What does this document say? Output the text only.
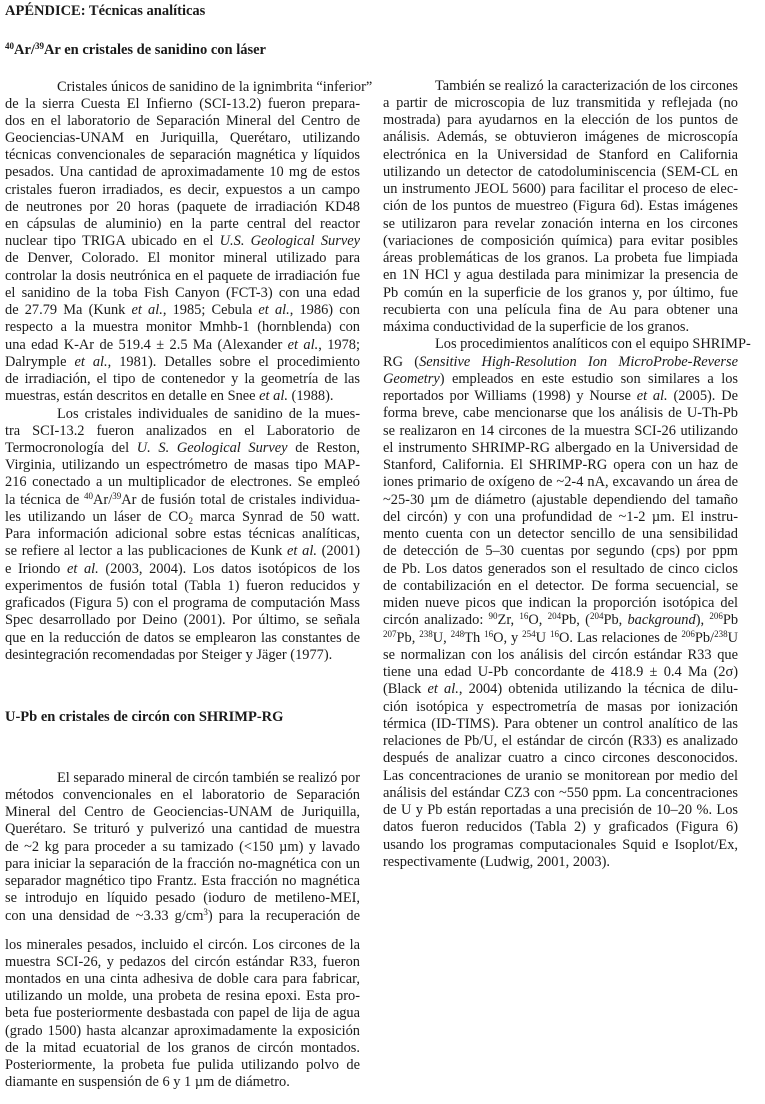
APÉNDICE: Técnicas analíticas
$^{40}$Ar/$^{39}$Ar en cristales de sanidino con láser
Cristales únicos de sanidino de la ignimbrita “inferior”
de la sierra Cuesta El Infierno (SCI-13.2) fueron prepara-
dos en el laboratorio de Separación Mineral del Centro de
Geociencias-UNAM en Juriquilla, Querétaro, utilizando
técnicas convencionales de separación magnética y líquidos
pesados. Una cantidad de aproximadamente 10 mg de estos
cristales fueron irradiados, es decir, expuestos a un campo
de neutrones por 20 horas (paquete de irradiación KD48
en cápsulas de aluminio) en la parte central del reactor
nuclear tipo TRIGA ubicado en el U.S. Geological Survey
de Denver, Colorado. El monitor mineral utilizado para
controlar la dosis neutrónica en el paquete de irradiación fue
el sanidino de la toba Fish Canyon (FCT-3) con una edad
de 27.79 Ma (Kunk et al., 1985; Cebula et al., 1986) con
respecto a la muestra monitor Mmhb-1 (hornblenda) con
una edad K-Ar de 519.4 ± 2.5 Ma (Alexander et al., 1978;
Dalrymple et al., 1981). Detalles sobre el procedimiento
de irradiación, el tipo de contenedor y la geometría de las
muestras, están descritos en detalle en Snee et al. (1988).
Los cristales individuales de sanidino de la mues-
tra SCI-13.2 fueron analizados en el Laboratorio de
Termocronología del U. S. Geological Survey de Reston,
Virginia, utilizando un espectrómetro de masas tipo MAP-
216 conectado a un multiplicador de electrones. Se empleó
la técnica de $^{40}$Ar/$^{39}$Ar de fusión total de cristales individua-
les utilizando un láser de $CO_2$ marca Synrad de 50 watt.
Para información adicional sobre estas técnicas analíticas,
se refiere al lector a las publicaciones de Kunk et al. (2001)
e Iriondo et al. (2003, 2004). Los datos isotópicos de los
experimentos de fusión total (Tabla 1) fueron reducidos y
graficados (Figura 5) con el programa de computación Mass
Spec desarrollado por Deino (2001). Por último, se señala
que en la reducción de datos se emplearon las constantes de
desintegración recomendadas por Steiger y Jäger (1977).
U-Pb en cristales de circón con SHRIMP-RG
El separado mineral de circón también se realizó por
métodos convencionales en el laboratorio de Separación
Mineral del Centro de Geociencias-UNAM de Juriquilla,
Querétaro. Se trituró y pulverizó una cantidad de muestra
de ~2 kg para proceder a su tamizado (<150 µm) y lavado
para iniciar la separación de la fracción no-magnética con un
separador magnético tipo Frantz. Esta fracción no magnética
se introdujo en líquido pesado (ioduro de metileno-MEI,
con una densidad de ~3.33 $g/cm^3$) para la recuperación de
los minerales pesados, incluido el circón. Los circones de la
muestra SCI-26, y pedazos del circón estándar R33, fueron
montados en una cinta adhesiva de doble cara para fabricar,
utilizando un molde, una probeta de resina epoxi. Esta pro-
beta fue posteriormente desbastada con papel de lija de agua
(grado 1500) hasta alcanzar aproximadamente la exposición
de la mitad ecuatorial de los granos de circón montados.
Posteriormente, la probeta fue pulida utilizando polvo de
diamante en suspensión de 6 y 1 µm de diámetro.
También se realizó la caracterización de los circones
a partir de microscopia de luz transmitida y reflejada (no
mostrada) para ayudarnos en la elección de los puntos de
análisis. Además, se obtuvieron imágenes de microscopía
electrónica en la Universidad de Stanford en California
utilizando un detector de catodoluminiscencia (SEM-CL en
un instrumento JEOL 5600) para facilitar el proceso de elec-
ción de los puntos de muestreo (Figura 6d). Estas imágenes
se utilizaron para revelar zonación interna en los circones
(variaciones de composición química) para evitar posibles
áreas problemáticas de los granos. La probeta fue limpiada
en 1N HCl y agua destilada para minimizar la presencia de
Pb común en la superficie de los granos y, por último, fue
recubierta con una película fina de Au para obtener una
máxima conductividad de la superficie de los granos.
Los procedimientos analíticos con el equipo SHRIMP-
RG (Sensitive High-Resolution Ion MicroProbe-Reverse
Geometry) empleados en este estudio son similares a los
reportados por Williams (1998) y Nourse et al. (2005). De
forma breve, cabe mencionarse que los análisis de U-Th-Pb
se realizaron en 14 circones de la muestra SCI-26 utilizando
el instrumento SHRIMP-RG albergado en la Universidad de
Stanford, California. El SHRIMP-RG opera con un haz de
iones primario de oxígeno de ~2-4 nA, excavando un área de
~25-30 µm de diámetro (ajustable dependiendo del tamaño
del circón) y con una profundidad de ~1-2 µm. El instru-
mento cuenta con un detector sencillo de una sensibilidad
de detección de 5–30 cuentas por segundo (cps) por ppm
de Pb. Los datos generados son el resultado de cinco ciclos
de contabilización en el detector. De forma secuencial, se
miden nueve picos que indican la proporción isotópica del
circón analizado: $^{90}$Zr, $^{16}$O, $^{204}$Pb, ($^{204}$Pb, background), $^{206}$Pb
$^{207}$Pb, $^{238}$U, $^{248}$Th $^{16}$O, y $^{254}$U $^{16}$O. Las relaciones de $^{206}$Pb/$^{238}$U
se normalizan con los análisis del circón estándar R33 que
tiene una edad U-Pb concordante de 418.9 ± 0.4 Ma (2σ)
(Black et al., 2004) obtenida utilizando la técnica de dilu-
ción isotópica y espectrometría de masas por ionización
térmica (ID-TIMS). Para obtener un control analítico de las
relaciones de Pb/U, el estándar de circón (R33) es analizado
después de analizar cuatro a cinco circones desconocidos.
Las concentraciones de uranio se monitorean por medio del
análisis del estándar CZ3 con ~550 ppm. La concentraciones
de U y Pb están reportadas a una precisión de 10–20 %. Los
datos fueron reducidos (Tabla 2) y graficados (Figura 6)
usando los programas computacionales Squid e Isoplot/Ex,
respectivamente (Ludwig, 2001, 2003).
